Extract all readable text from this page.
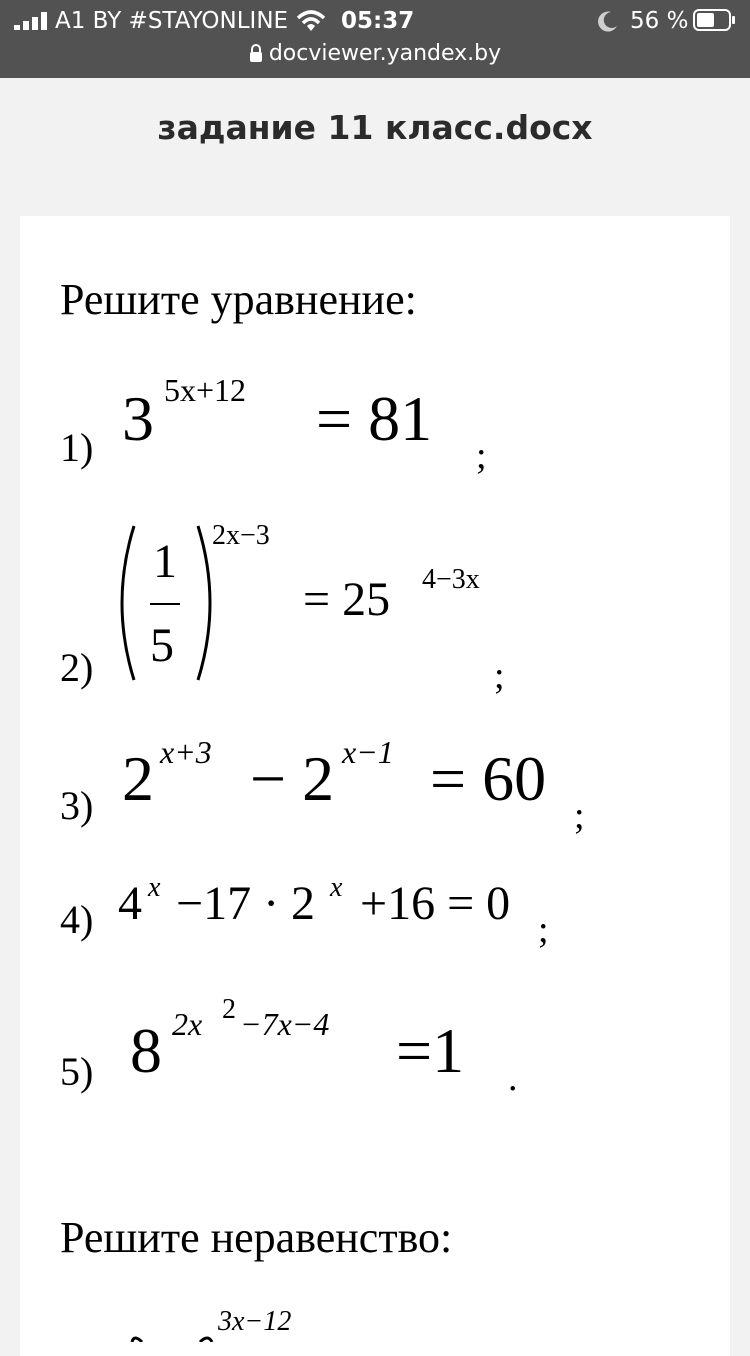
A1 BY #STAYONLINE 05:37	56 %
docviewer.yandex.by
задание 11 класс.docx
Решите уравнение:
1) 3 5x+12 = 81
;
2)
1
5
2x−3
= 25 4−3x
;
3) 2 x+3 − 2 x−1 = 60
;
4) 4 x −17 · 2 x +16 = 0 ;
5) 8 2x 2 −7x−4 =1 .
Решите неравенство:
3x−12
